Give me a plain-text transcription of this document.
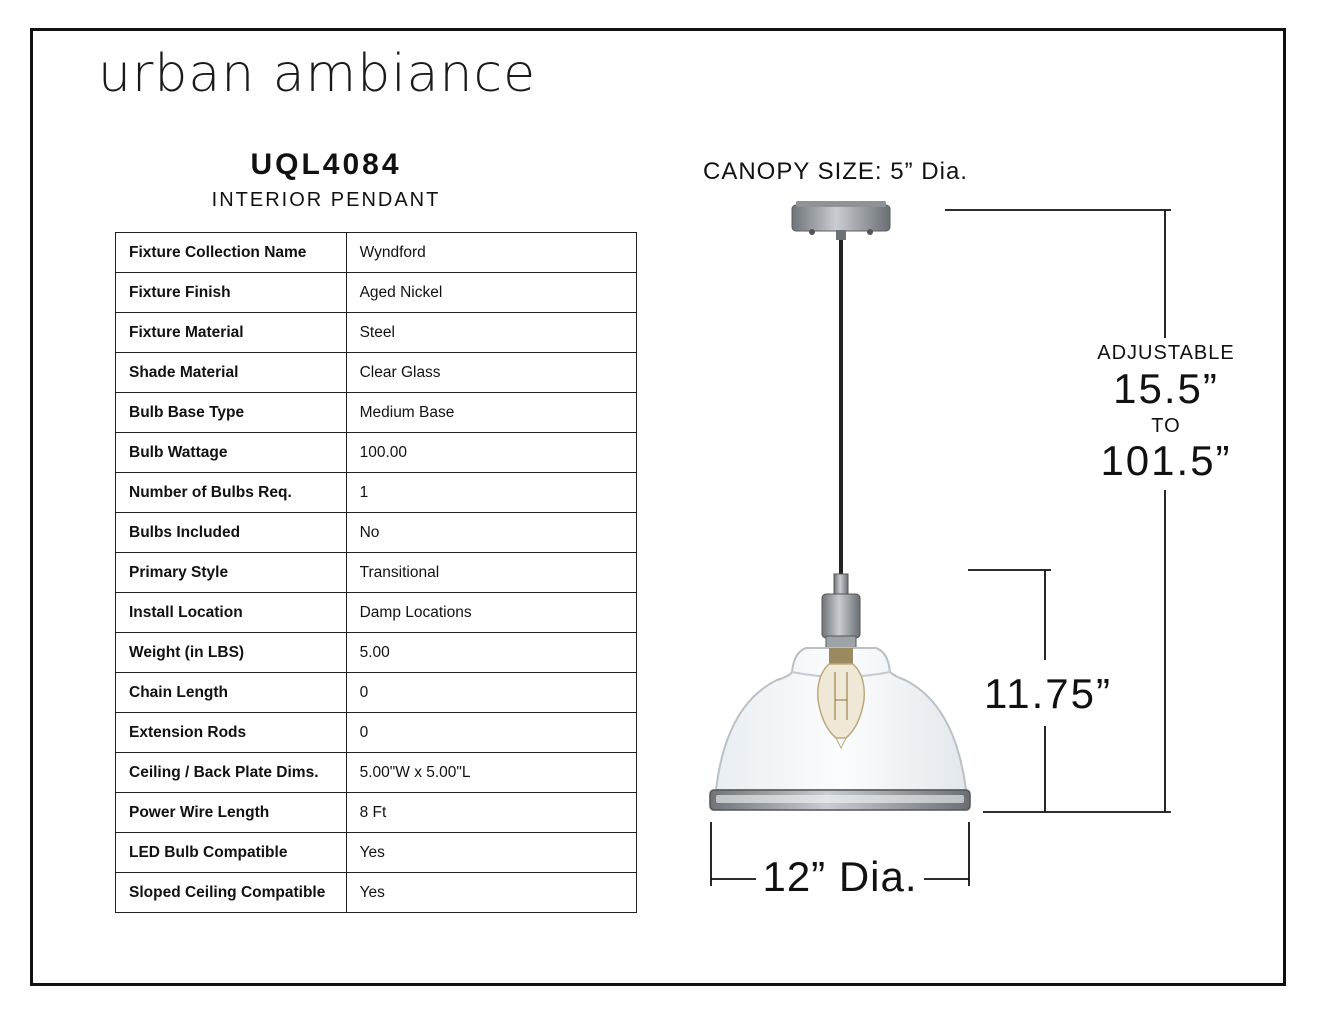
urban ambiance
UQL4084
INTERIOR PENDANT
Fixture Collection Name	Wyndford
Fixture Finish	Aged Nickel
Fixture Material	Steel
Shade Material	Clear Glass
Bulb Base Type	Medium Base
Bulb Wattage	100.00
Number of Bulbs Req.	1
Bulbs Included	No
Primary Style	Transitional
Install Location	Damp Locations
Weight (in LBS)	5.00
Chain Length	0
Extension Rods	0
Ceiling / Back Plate Dims.	5.00"W x 5.00"L
Power Wire Length	8 Ft
LED Bulb Compatible	Yes
Sloped Ceiling Compatible	Yes
CANOPY SIZE: 5” Dia.
ADJUSTABLE
15.5”
TO
101.5”
11.75”
12” Dia.
